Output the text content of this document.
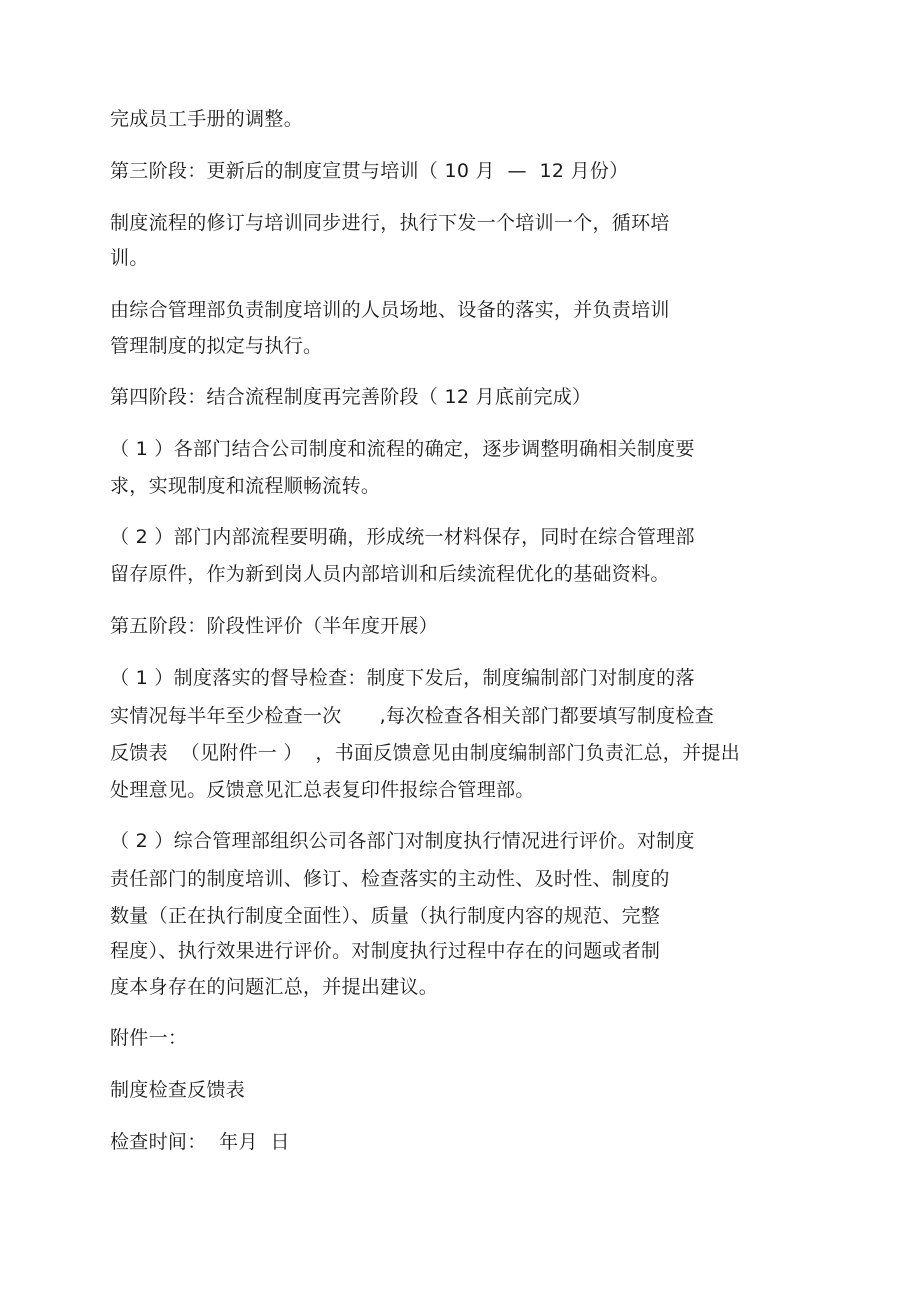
完成员工手册的调整。
第三阶段：更新后的制度宣贯与培训（ 10 月  —  12 月份）
制度流程的修订与培训同步进行，执行下发一个培训一个，循环培
训。
由综合管理部负责制度培训的人员场地、设备的落实，并负责培训
管理制度的拟定与执行。
第四阶段：结合流程制度再完善阶段（ 12 月底前完成）
（ 1 ）各部门结合公司制度和流程的确定，逐步调整明确相关制度要
求，实现制度和流程顺畅流转。
（ 2 ）部门内部流程要明确，形成统一材料保存，同时在综合管理部
留存原件，作为新到岗人员内部培训和后续流程优化的基础资料。
第五阶段：阶段性评价（半年度开展）
（ 1 ）制度落实的督导检查：制度下发后，制度编制部门对制度的落
实情况每半年至少检查一次      ,每次检查各相关部门都要填写制度检查
反馈表  （见附件一 ）  ，书面反馈意见由制度编制部门负责汇总，并提出
处理意见。反馈意见汇总表复印件报综合管理部。
（ 2 ）综合管理部组织公司各部门对制度执行情况进行评价。对制度
责任部门的制度培训、修订、检查落实的主动性、及时性、制度的
数量（正在执行制度全面性）、质量（执行制度内容的规范、完整
程度）、执行效果进行评价。对制度执行过程中存在的问题或者制
度本身存在的问题汇总，并提出建议。
附件一：
制度检查反馈表
检查时间：  年月  日
